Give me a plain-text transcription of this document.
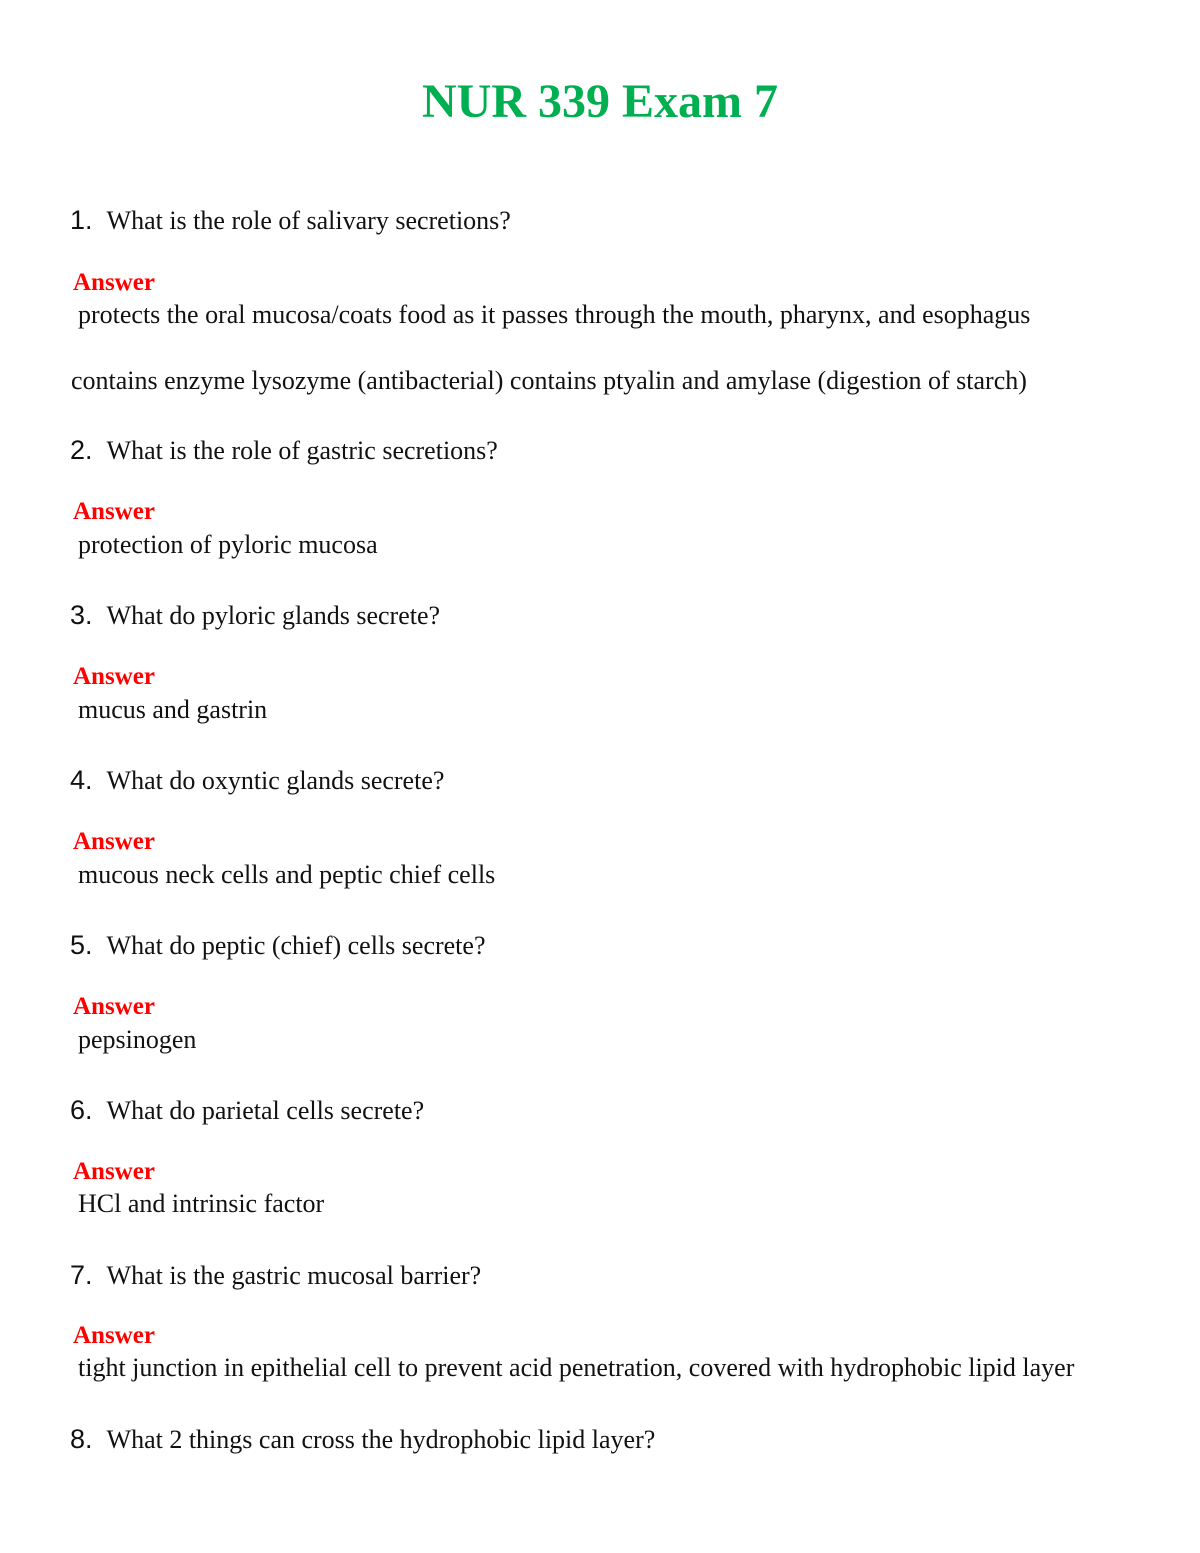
NUR 339 Exam 7
1. What is the role of salivary secretions?
Answer
protects the oral mucosa/coats food as it passes through the mouth, pharynx, and esophagus
contains enzyme lysozyme (antibacterial) contains ptyalin and amylase (digestion of starch)
2. What is the role of gastric secretions?
Answer
protection of pyloric mucosa
3. What do pyloric glands secrete?
Answer
mucus and gastrin
4. What do oxyntic glands secrete?
Answer
mucous neck cells and peptic chief cells
5. What do peptic (chief) cells secrete?
Answer
pepsinogen
6. What do parietal cells secrete?
Answer
HCl and intrinsic factor
7. What is the gastric mucosal barrier?
Answer
tight junction in epithelial cell to prevent acid penetration, covered with hydrophobic lipid layer
8. What 2 things can cross the hydrophobic lipid layer?
